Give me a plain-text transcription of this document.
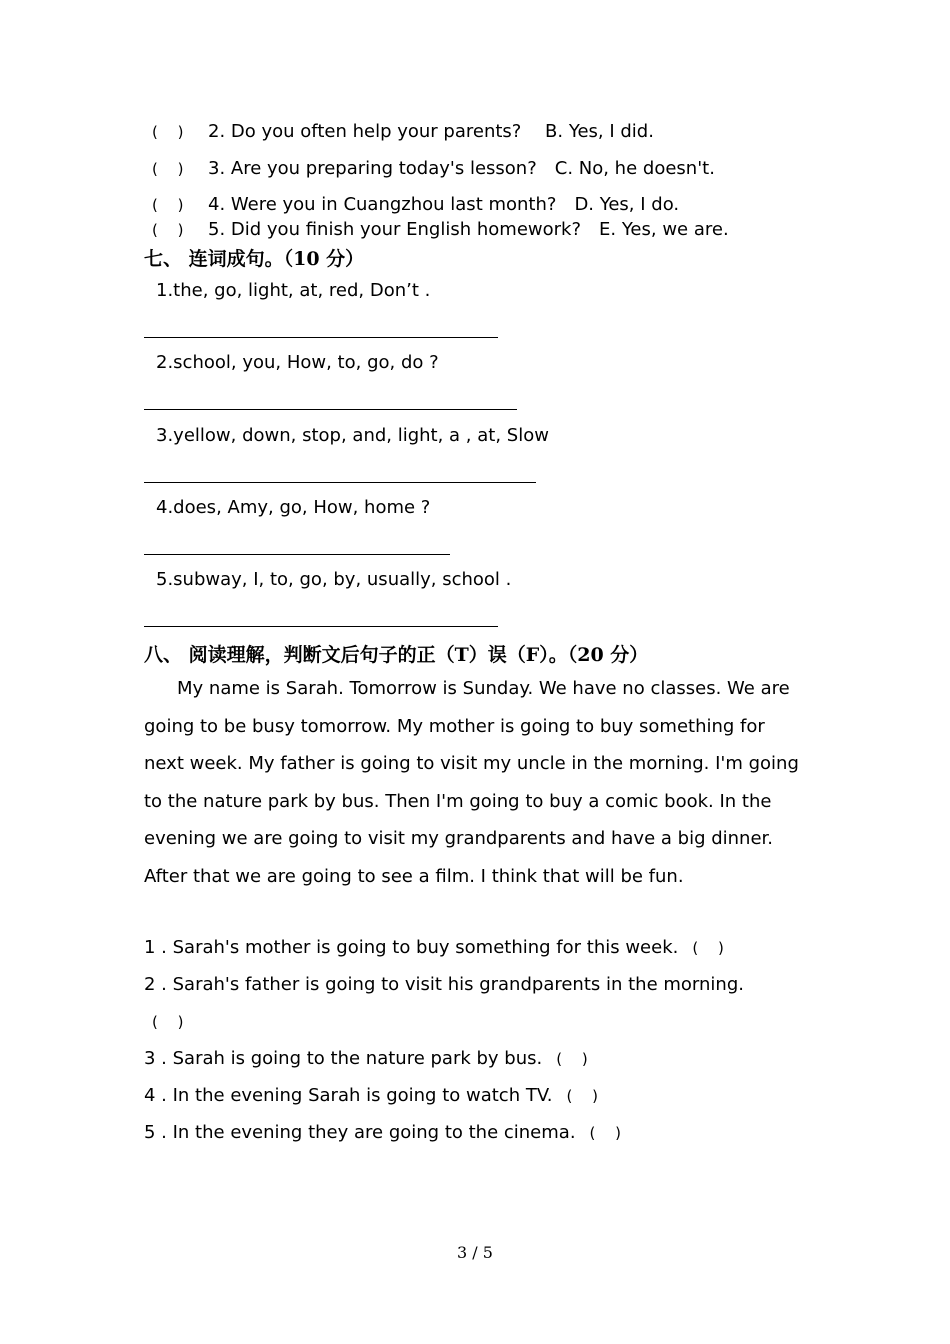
(　 ) 2. Do you often help your parents?　 B. Yes, I did.
(　 ) 3. Are you preparing today's lesson?　C. No, he doesn't.
(　 ) 4. Were you in Cuangzhou last month?　D. Yes, I do.
(　 ) 5. Did you finish your English homework?　E. Yes, we are.
七、 连词成句。（10 分）
1.the, go, light, at, red, Don’t .
2.school, you, How, to, go, do ?
3.yellow, down, stop, and, light, a , at, Slow
4.does, Amy, go, How, home ?
5.subway, I, to, go, by, usually, school .
八、 阅读理解，判断文后句子的正（T）误（F）。（20 分）

My name is Sarah. Tomorrow is Sunday. We have no classes. We are going to be busy tomorrow. My mother is going to buy something for next week. My father is going to visit my uncle in the morning. I'm going to the nature park by bus. Then I'm going to buy a comic book. In the evening we are going to visit my grandparents and have a big dinner. After that we are going to see a film. I think that will be fun.

1 . Sarah's mother is going to buy something for this week. (　 )
2 . Sarah's father is going to visit his grandparents in the morning.
(　 )
3 . Sarah is going to the nature park by bus. (　 )
4 . In the evening Sarah is going to watch TV. (　 )
5 . In the evening they are going to the cinema. (　 )
3 / 5
